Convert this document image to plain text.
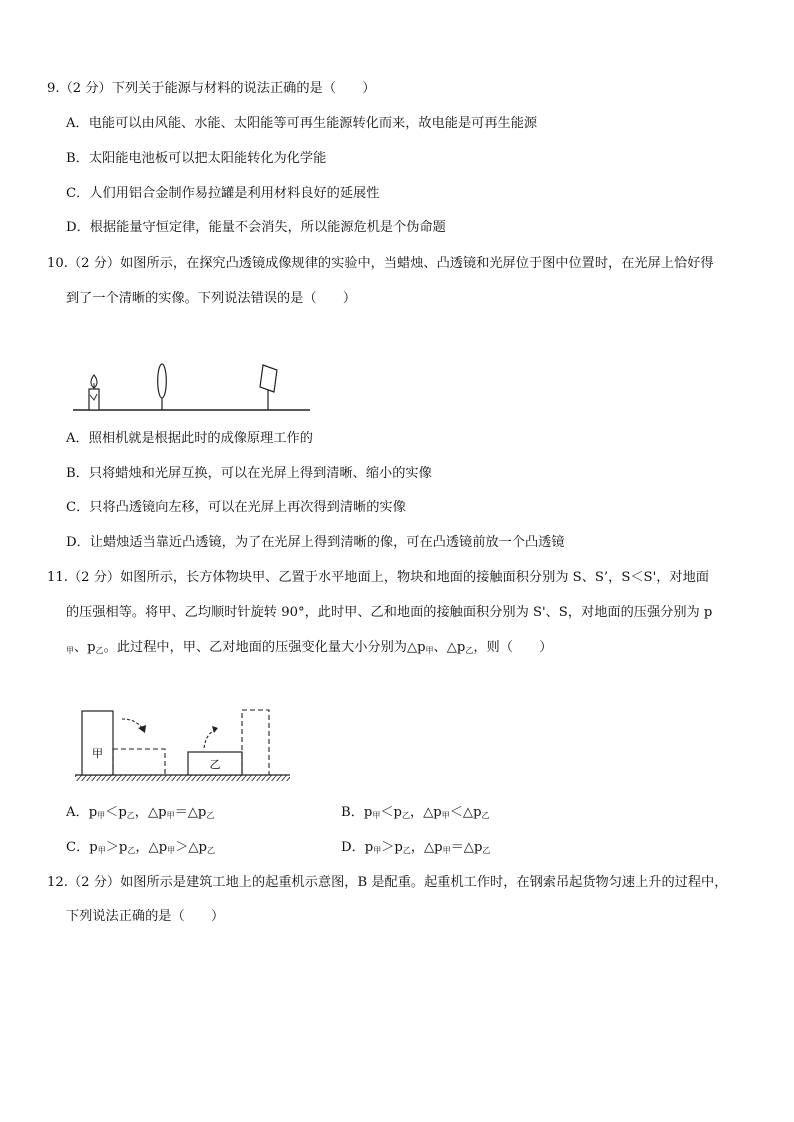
9.（2 分）下列关于能源与材料的说法正确的是（　　）
A．电能可以由风能、水能、太阳能等可再生能源转化而来，故电能是可再生能源
B．太阳能电池板可以把太阳能转化为化学能
C．人们用铝合金制作易拉罐是利用材料良好的延展性
D．根据能量守恒定律，能量不会消失，所以能源危机是个伪命题
10.（2 分）如图所示，在探究凸透镜成像规律的实验中，当蜡烛、凸透镜和光屏位于图中位置时，在光屏上恰好得
到了一个清晰的实像。下列说法错误的是（　　）
A．照相机就是根据此时的成像原理工作的
B．只将蜡烛和光屏互换，可以在光屏上得到清晰、缩小的实像
C．只将凸透镜向左移，可以在光屏上再次得到清晰的实像
D．让蜡烛适当靠近凸透镜，为了在光屏上得到清晰的像，可在凸透镜前放一个凸透镜
11.（2 分）如图所示，长方体物块甲、乙置于水平地面上，物块和地面的接触面积分别为 S、S’，S＜S'，对地面
的压强相等。将甲、乙均顺时针旋转 90°，此时甲、乙和地面的接触面积分别为 S'、S，对地面的压强分别为 p
甲、$p_乙$。此过程中，甲、乙对地面的压强变化量大小分别为$\triangle p_甲$、$\triangle p_乙$，则（　　）
甲
乙
A．$p_甲<p_乙$，$\triangle p_甲=\triangle p_乙$	B．$p_甲<p_乙$，$\triangle p_甲<\triangle p_乙$
C．$p_甲>p_乙$，$\triangle p_甲>\triangle p_乙$	D．$p_甲>p_乙$，$\triangle p_甲=\triangle p_乙$
12.（2 分）如图所示是建筑工地上的起重机示意图，B 是配重。起重机工作时，在钢索吊起货物匀速上升的过程中，
下列说法正确的是（　　）
